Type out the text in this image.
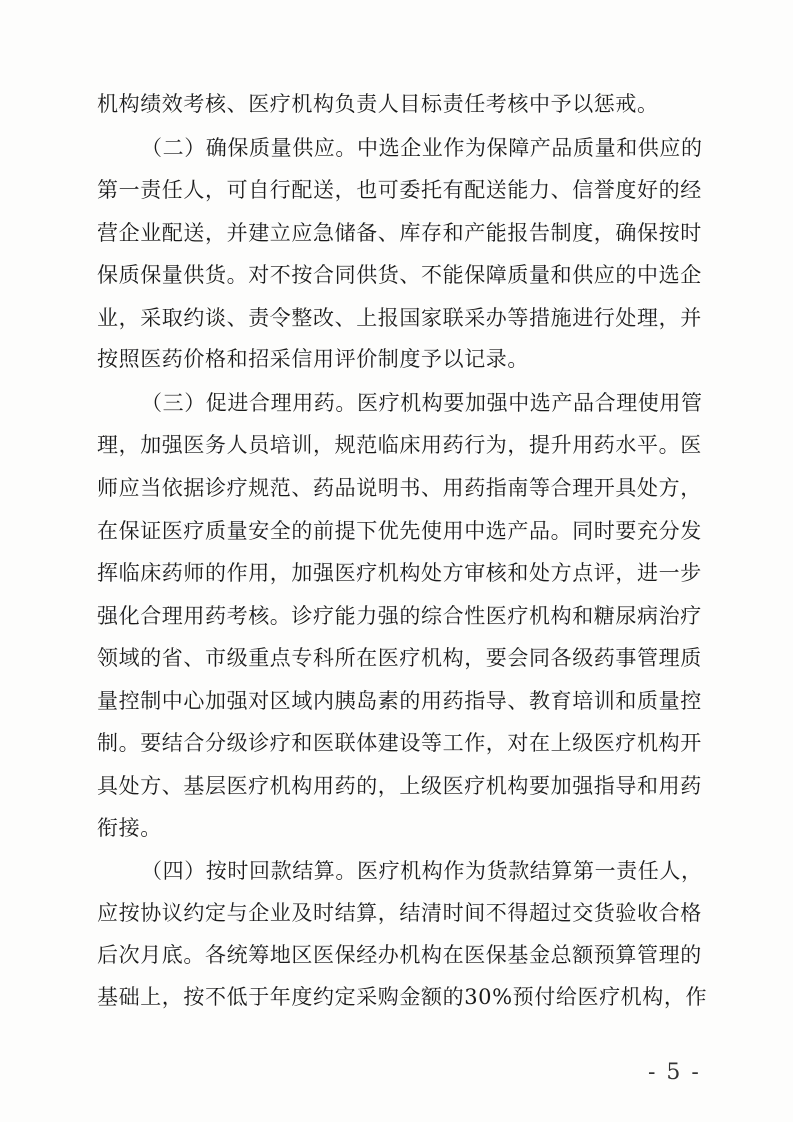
机构绩效考核、医疗机构负责人目标责任考核中予以惩戒。
（二）确保质量供应。中选企业作为保障产品质量和供应的
第一责任人，可自行配送，也可委托有配送能力、信誉度好的经
营企业配送，并建立应急储备、库存和产能报告制度，确保按时
保质保量供货。对不按合同供货、不能保障质量和供应的中选企
业，采取约谈、责令整改、上报国家联采办等措施进行处理，并
按照医药价格和招采信用评价制度予以记录。
（三）促进合理用药。医疗机构要加强中选产品合理使用管
理，加强医务人员培训，规范临床用药行为，提升用药水平。医
师应当依据诊疗规范、药品说明书、用药指南等合理开具处方，
在保证医疗质量安全的前提下优先使用中选产品。同时要充分发
挥临床药师的作用，加强医疗机构处方审核和处方点评，进一步
强化合理用药考核。诊疗能力强的综合性医疗机构和糖尿病治疗
领域的省、市级重点专科所在医疗机构，要会同各级药事管理质
量控制中心加强对区域内胰岛素的用药指导、教育培训和质量控
制。要结合分级诊疗和医联体建设等工作，对在上级医疗机构开
具处方、基层医疗机构用药的，上级医疗机构要加强指导和用药
衔接。
（四）按时回款结算。医疗机构作为货款结算第一责任人，
应按协议约定与企业及时结算，结清时间不得超过交货验收合格
后次月底。各统筹地区医保经办机构在医保基金总额预算管理的
基础上，按不低于年度约定采购金额的30%预付给医疗机构，作
- 5 -
